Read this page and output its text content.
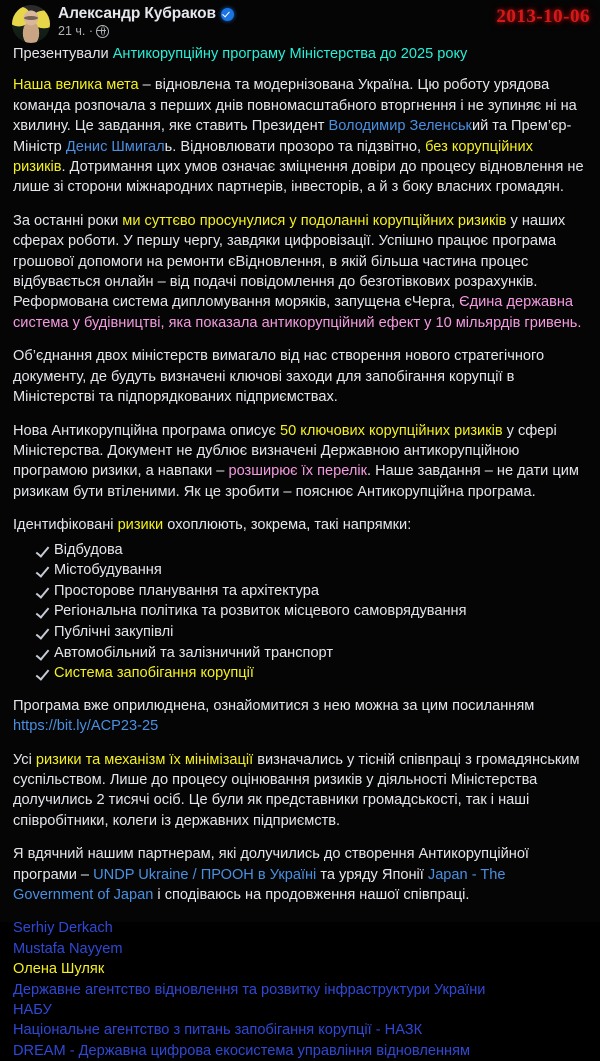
Александр Кубраков
21 ч. ·
2013-10-06

Презентували Антикорупційну програму Міністерства до 2025 року

Наша велика мета – відновлена та модернізована Україна. Цю роботу урядова команда розпочала з перших днів повномасштабного вторгнення і не зупиняє ні на хвилину. Це завдання, яке ставить Президент Володимир Зеленський та Прем’єр-Міністр Денис Шмигаль. Відновлювати прозоро та підзвітно, без корупційних ризиків. Дотримання цих умов означає зміцнення довіри до процесу відновлення не лише зі сторони міжнародних партнерів, інвесторів, а й з боку власних громадян.

За останні роки ми суттєво просунулися у подоланні корупційних ризиків у наших сферах роботи. У першу чергу, завдяки цифровізації. Успішно працює програма грошової допомоги на ремонти єВідновлення, в якій більша частина процес відбувається онлайн – від подачі повідомлення до безготівкових розрахунків. Реформована система дипломування моряків, запущена єЧерга, Єдина державна система у будівництві, яка показала антикорупційний ефект у 10 мільярдів гривень.

Об’єднання двох міністерств вимагало від нас створення нового стратегічного документу, де будуть визначені ключові заходи для запобігання корупції в Міністерстві та підпорядкованих підприємствах.

Нова Антикорупційна програма описує 50 ключових корупційних ризиків у сфері Міністерства. Документ не дублює визначені Державною антикорупційною програмою ризики, а навпаки – розширює їх перелік. Наше завдання – не дати цим ризикам бути втіленими. Як це зробити – пояснює Антикорупційна програма.

Ідентифіковані ризики охоплюють, зокрема, такі напрямки:

Відбудова
Містобудування
Просторове планування та архітектура
Регіональна політика та розвиток місцевого самоврядування
Публічні закупівлі
Автомобільний та залізничний транспорт
Система запобігання корупції

Програма вже оприлюднена, ознайомитися з нею можна за цим посиланням
https://bit.ly/ACP23-25

Усі ризики та механізм їх мінімізації визначались у тісній співпраці з громадянським суспільством. Лише до процесу оцінювання ризиків у діяльності Міністерства долучились 2 тисячі осіб. Це були як представники громадськості, так і наші співробітники, колеги із державних підприємств.

Я вдячний нашим партнерам, які долучились до створення Антикорупційної програми – UNDP Ukraine / ПРООН в Україні та уряду Японії Japan - The Government of Japan і сподіваюсь на продовження нашої співпраці.

Serhiy Derkach
Mustafa Nayyem
Олена Шуляк
Державне агентство відновлення та розвитку інфраструктури України
НАБУ
Національне агентство з питань запобігання корупції - НАЗК
DREAM - Державна цифрова екосистема управління відновленням
